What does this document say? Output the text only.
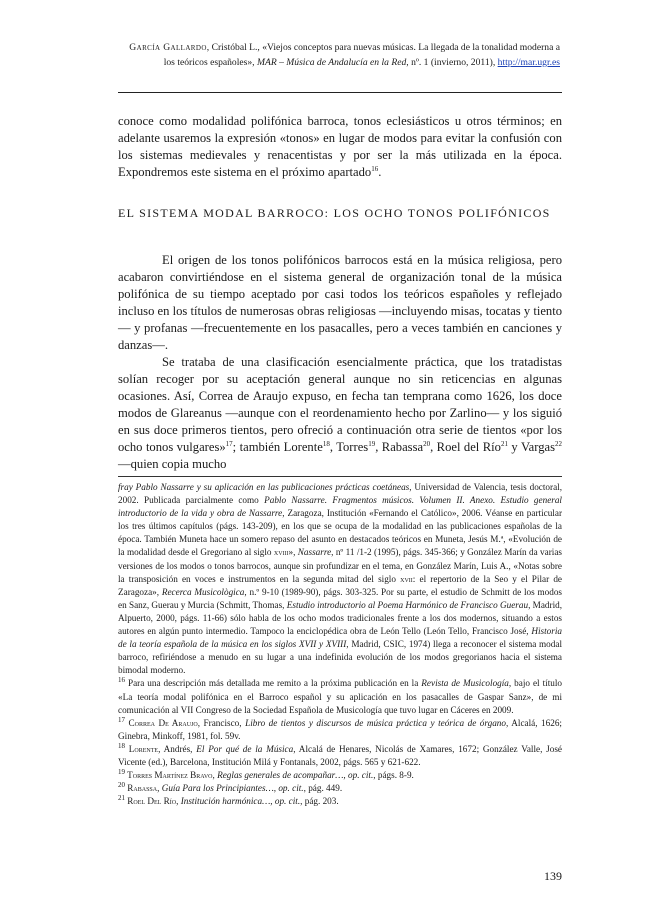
García Gallardo, Cristóbal L., «Viejos conceptos para nuevas músicas. La llegada de la tonalidad moderna a los teóricos españoles», MAR – Música de Andalucía en la Red, nº. 1 (invierno, 2011), http://mar.ugr.es

conoce como modalidad polifónica barroca, tonos eclesiásticos u otros términos; en adelante usaremos la expresión «tonos» en lugar de modos para evitar la confusión con los sistemas medievales y renacentistas y por ser la más utilizada en la época. Expondremos este sistema en el próximo apartado$^{16}$.

EL SISTEMA MODAL BARROCO: LOS OCHO TONOS POLIFÓNICOS

El origen de los tonos polifónicos barrocos está en la música religiosa, pero acabaron convirtiéndose en el sistema general de organización tonal de la música polifónica de su tiempo aceptado por casi todos los teóricos españoles y reflejado incluso en los títulos de numerosas obras religiosas —incluyendo misas, tocatas y tiento— y profanas —frecuentemente en los pasacalles, pero a veces también en canciones y danzas—.

Se trataba de una clasificación esencialmente práctica, que los tratadistas solían recoger por su aceptación general aunque no sin reticencias en algunas ocasiones. Así, Correa de Araujo expuso, en fecha tan temprana como 1626, los doce modos de Glareanus —aunque con el reordenamiento hecho por Zarlino— y los siguió en sus doce primeros tientos, pero ofreció a continuación otra serie de tientos «por los ocho tonos vulgares»$^{17}$; también Lorente$^{18}$, Torres$^{19}$, Rabassa$^{20}$, Roel del Río$^{21}$ y Vargas$^{22}$ —quien copia mucho

fray Pablo Nassarre y su aplicación en las publicaciones prácticas coetáneas, Universidad de Valencia, tesis doctoral, 2002. Publicada parcialmente como Pablo Nassarre. Fragmentos músicos. Volumen II. Anexo. Estudio general introductorio de la vida y obra de Nassarre, Zaragoza, Institución «Fernando el Católico», 2006. Véanse en particular los tres últimos capítulos (págs. 143-209), en los que se ocupa de la modalidad en las publicaciones españolas de la época. También Muneta hace un somero repaso del asunto en destacados teóricos en Muneta, Jesús M.ª, «Evolución de la modalidad desde el Gregoriano al siglo xviii», Nassarre, nº 11 /1-2 (1995), págs. 345-366; y González Marín da varias versiones de los modos o tonos barrocos, aunque sin profundizar en el tema, en González Marín, Luis A., «Notas sobre la transposición en voces e instrumentos en la segunda mitad del siglo xvii: el repertorio de la Seo y el Pilar de Zaragoza», Recerca Musicològica, n.º 9-10 (1989-90), págs. 303-325. Por su parte, el estudio de Schmitt de los modos en Sanz, Guerau y Murcia (Schmitt, Thomas, Estudio introductorio al Poema Harmónico de Francisco Guerau, Madrid, Alpuerto, 2000, págs. 11-66) sólo habla de los ocho modos tradicionales frente a los dos modernos, situando a estos autores en algún punto intermedio. Tampoco la enciclopédica obra de León Tello (León Tello, Francisco José, Historia de la teoría española de la música en los siglos XVII y XVIII, Madrid, CSIC, 1974) llega a reconocer el sistema modal barroco, refiriéndose a menudo en su lugar a una indefinida evolución de los modos gregorianos hacia el sistema bimodal moderno.

$^{16}$ Para una descripción más detallada me remito a la próxima publicación en la Revista de Musicología, bajo el título «La teoría modal polifónica en el Barroco español y su aplicación en los pasacalles de Gaspar Sanz», de mi comunicación al VII Congreso de la Sociedad Española de Musicología que tuvo lugar en Cáceres en 2009.

$^{17}$ Correa De Araujo, Francisco, Libro de tientos y discursos de música práctica y teórica de órgano, Alcalá, 1626; Ginebra, Minkoff, 1981, fol. 59v.

$^{18}$ Lorente, Andrés, El Por qué de la Música, Alcalá de Henares, Nicolás de Xamares, 1672; González Valle, José Vicente (ed.), Barcelona, Institución Milá y Fontanals, 2002, págs. 565 y 621-622.

$^{19}$ Torres Martínez Bravo, Reglas generales de acompañar…, op. cit., págs. 8-9.

$^{20}$ Rabassa, Guía Para los Principiantes…, op. cit., pág. 449.

$^{21}$ Roel Del Río, Institución harmónica…, op. cit., pág. 203.

139
